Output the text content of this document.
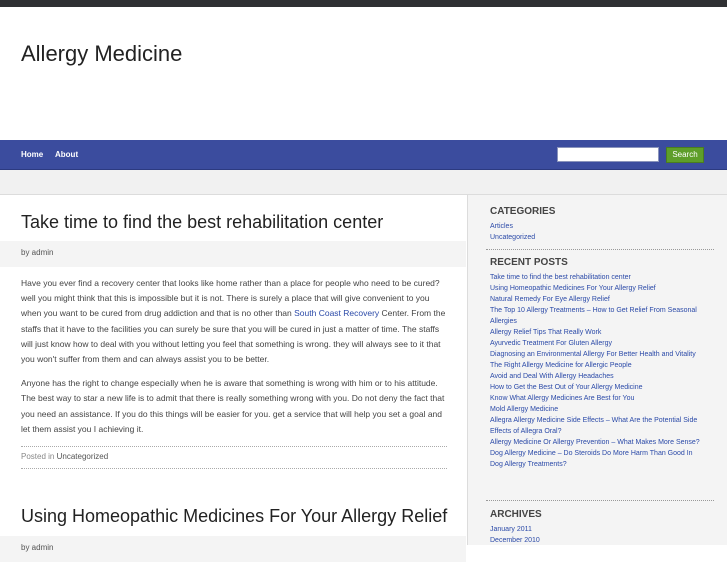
Allergy Medicine
Home About	Search
Take time to find the best rehabilitation center
by admin

Have you ever find a recovery center that looks like home rather than a place for people who need to be cured? well you might think that this is impossible but it is not. There is surely a place that will give convenient to you when you want to be cured from drug addiction and that is no other than South Coast Recovery Center. From the staffs that it have to the facilities you can surely be sure that you will be cured in just a matter of time. The staffs will just know how to deal with you without letting you feel that something is wrong. they will always see to it that you won't suffer from them and can always assist you to be better.

Anyone has the right to change especially when he is aware that something is wrong with him or to his attitude. The best way to star a new life is to admit that there is really something wrong with you. Do not deny the fact that you need an assistance. If you do this things will be easier for you. get a service that will help you set a goal and let them assist you I achieving it.

Posted in Uncategorized
Using Homeopathic Medicines For Your Allergy Relief
by admin
CATEGORIES
Articles
Uncategorized
RECENT POSTS
Take time to find the best rehabilitation center
Using Homeopathic Medicines For Your Allergy Relief
Natural Remedy For Eye Allergy Relief
The Top 10 Allergy Treatments – How to Get Relief From Seasonal Allergies
Allergy Relief Tips That Really Work
Ayurvedic Treatment For Gluten Allergy
Diagnosing an Environmental Allergy For Better Health and Vitality
The Right Allergy Medicine for Allergic People
Avoid and Deal With Allergy Headaches
How to Get the Best Out of Your Allergy Medicine
Know What Allergy Medicines Are Best for You
Mold Allergy Medicine
Allegra Allergy Medicine Side Effects – What Are the Potential Side Effects of Allegra Oral?
Allergy Medicine Or Allergy Prevention – What Makes More Sense?
Dog Allergy Medicine – Do Steroids Do More Harm Than Good In Dog Allergy Treatments?
ARCHIVES
January 2011
December 2010
